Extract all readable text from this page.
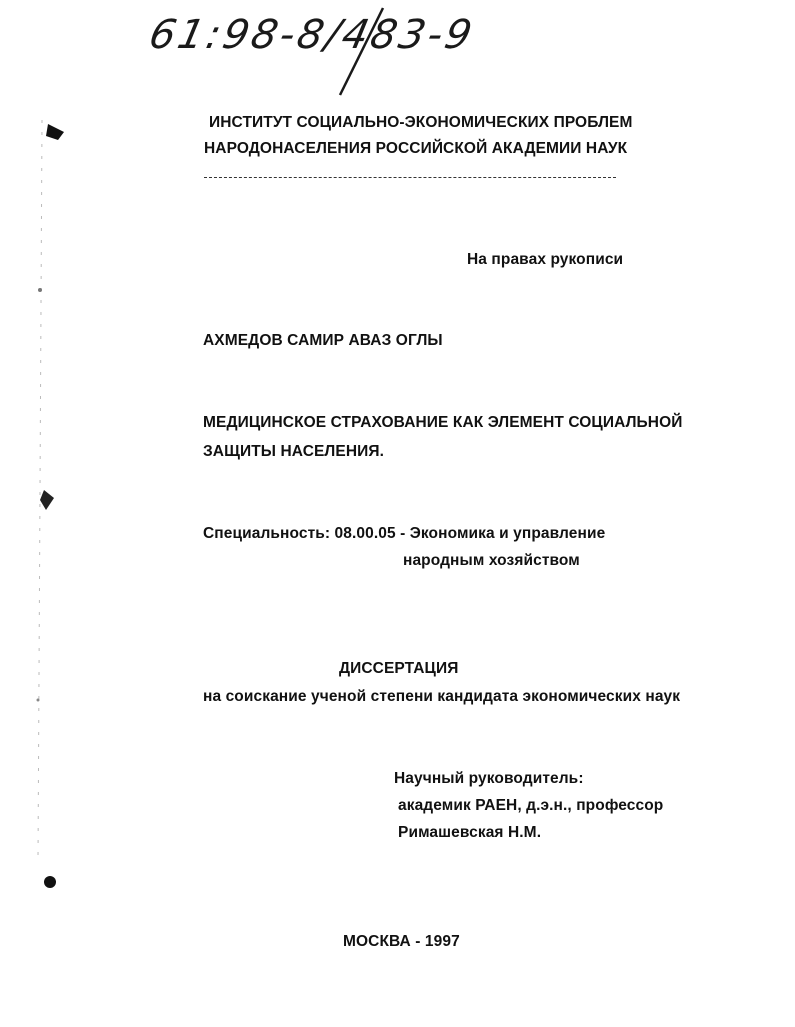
61:98-8/483-9

ИНСТИТУТ СОЦИАЛЬНО-ЭКОНОМИЧЕСКИХ ПРОБЛЕМ

НАРОДОНАСЕЛЕНИЯ РОССИЙСКОЙ АКАДЕМИИ НАУК

На правах рукописи

АХМЕДОВ САМИР АВАЗ ОГЛЫ

МЕДИЦИНСКОЕ СТРАХОВАНИЕ КАК ЭЛЕМЕНТ СОЦИАЛЬНОЙ

ЗАЩИТЫ НАСЕЛЕНИЯ.

Специальность: 08.00.05 - Экономика и управление

народным хозяйством

ДИССЕРТАЦИЯ

на соискание ученой степени кандидата экономических наук

Научный руководитель:

академик РАЕН, д.э.н., профессор

Римашевская Н.М.

МОСКВА - 1997
